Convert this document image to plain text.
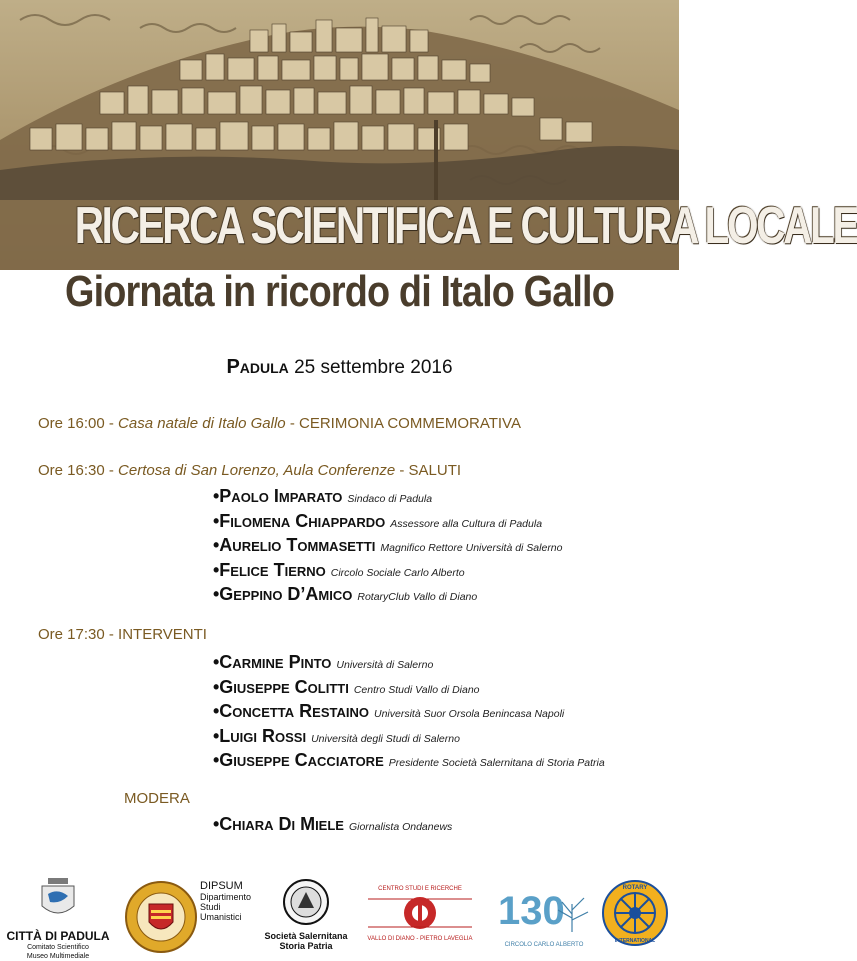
RICERCA SCIENTIFICA E CULTURA LOCALE
Giornata in ricordo di Italo Gallo
Padula 25 settembre 2016
Ore 16:00 - Casa natale di Italo Gallo - CERIMONIA COMMEMORATIVA
Ore 16:30 - Certosa di San Lorenzo, Aula Conferenze - SALUTI
•Paolo Imparato Sindaco di Padula
•Filomena Chiappardo Assessore alla Cultura di Padula
•Aurelio Tommasetti Magnifico Rettore Università di Salerno
•Felice Tierno Circolo Sociale Carlo Alberto
•Geppino D’Amico RotaryClub Vallo di Diano
Ore 17:30 - INTERVENTI
•Carmine Pinto Università di Salerno
•Giuseppe Colitti Centro Studi Vallo di Diano
•Concetta Restaino Università Suor Orsola Benincasa Napoli
•Luigi Rossi Università degli Studi di Salerno
•Giuseppe Cacciatore Presidente Società Salernitana di Storia Patria
MODERA
•Chiara Di Miele Giornalista Ondanews
CITTÀ DI PADULA
Comitato Scientifico
Museo Multimediale
DIPSUM
Dipartimento
Studi
Umanistici
Società Salernitana
Storia Patria
CENTRO STUDI E RICERCHE
VALLO DI DIANO - PIETRO LAVEGLIA
130
CIRCOLO CARLO ALBERTO
ROTARY
INTERNATIONAL
